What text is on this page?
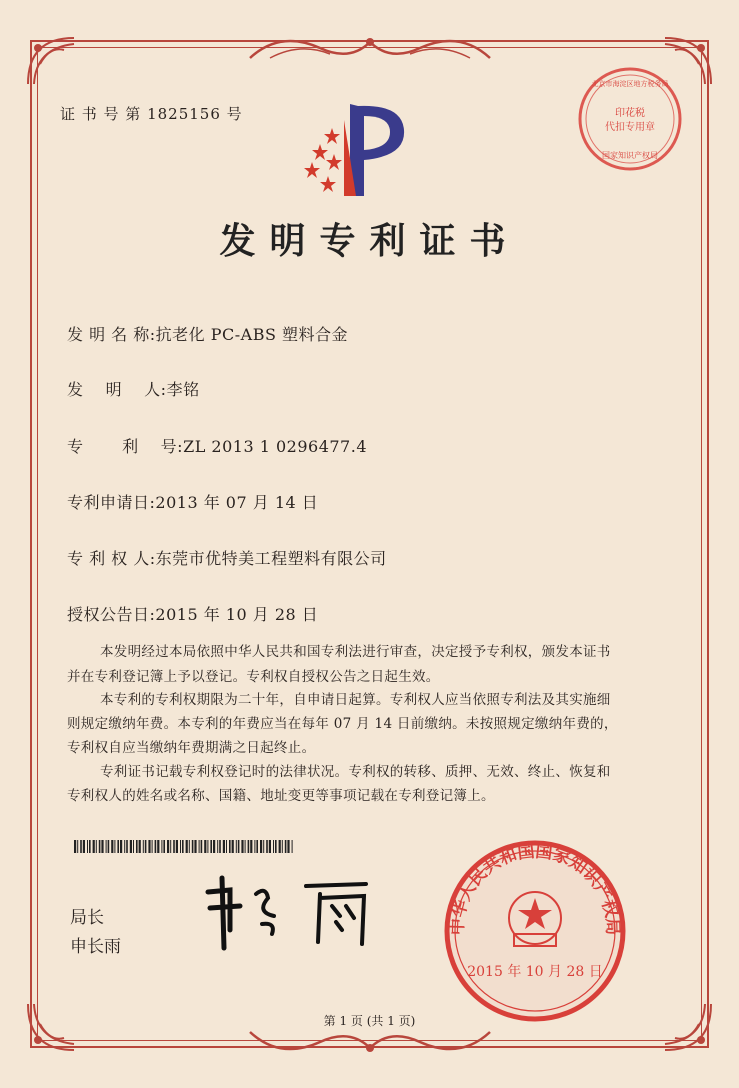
证 书 号 第 1825156 号	印花税
代扣专用章
北京市海淀区地方税务局
国家知识产权局
发明专利证书
发 明 名 称:抗老化 PC-ABS 塑料合金
发　 明　 人:李铭
专　　 利　 号:ZL 2013 1 0296477.4
专利申请日:2013 年 07 月 14 日
专 利 权 人:东莞市优特美工程塑料有限公司
授权公告日:2015 年 10 月 28 日
本发明经过本局依照中华人民共和国专利法进行审查，决定授予专利权，颁发本证书
并在专利登记簿上予以登记。专利权自授权公告之日起生效。
本专利的专利权期限为二十年，自申请日起算。专利权人应当依照专利法及其实施细
则规定缴纳年费。本专利的年费应当在每年 07 月 14 日前缴纳。未按照规定缴纳年费的，
专利权自应当缴纳年费期满之日起终止。
专利证书记载专利权登记时的法律状况。专利权的转移、质押、无效、终止、恢复和
专利权人的姓名或名称、国籍、地址变更等事项记载在专利登记簿上。
局长
申长雨
中华人民共和国国家知识产权局
2015 年 10 月 28 日
第 1 页 (共 1 页)
